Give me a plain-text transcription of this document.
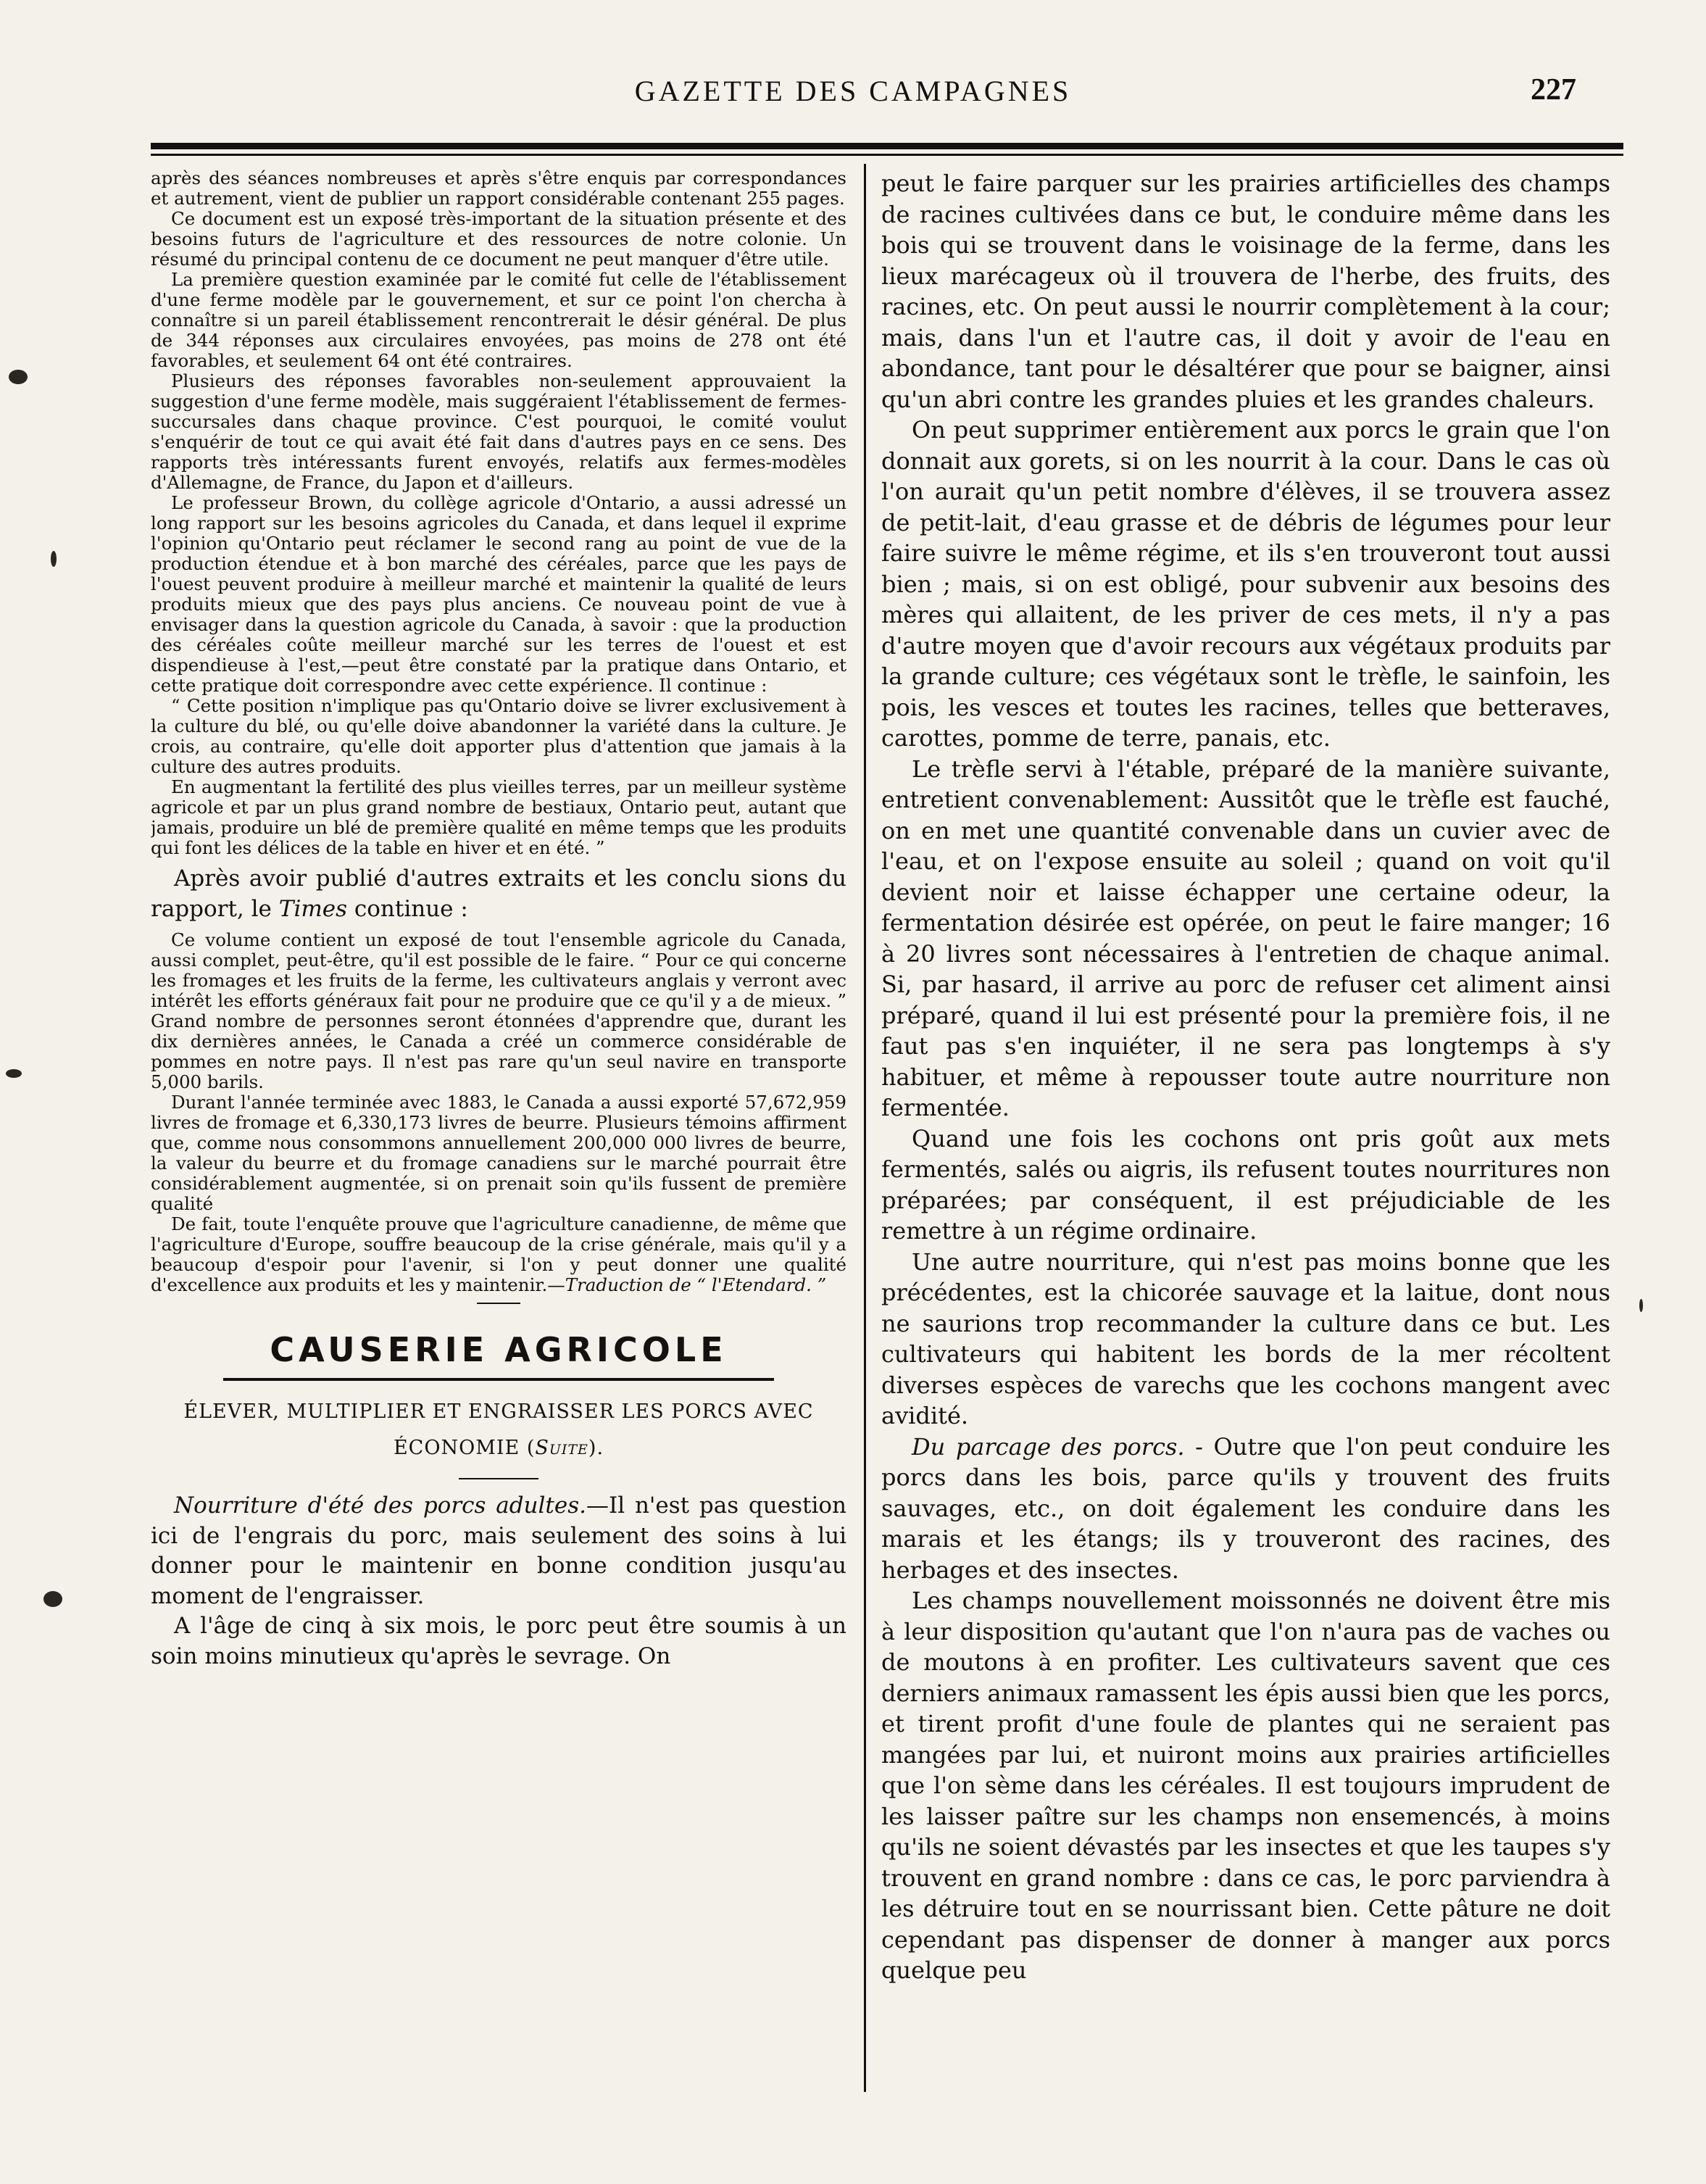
GAZETTE DES CAMPAGNES	227

après des séances nombreuses et après s'être enquis par correspondances et autrement, vient de publier un rapport considérable contenant 255 pages.

Ce document est un exposé très-important de la situation présente et des besoins futurs de l'agriculture et des ressources de notre colonie. Un résumé du principal contenu de ce document ne peut manquer d'être utile.

La première question examinée par le comité fut celle de l'établissement d'une ferme modèle par le gouvernement, et sur ce point l'on chercha à connaître si un pareil établissement rencontrerait le désir général. De plus de 344 réponses aux circulaires envoyées, pas moins de 278 ont été favorables, et seulement 64 ont été contraires.

Plusieurs des réponses favorables non-seulement approuvaient la suggestion d'une ferme modèle, mais suggéraient l'établissement de fermes-succursales dans chaque province. C'est pourquoi, le comité voulut s'enquérir de tout ce qui avait été fait dans d'autres pays en ce sens. Des rapports très intéressants furent envoyés, relatifs aux fermes-modèles d'Allemagne, de France, du Japon et d'ailleurs.

Le professeur Brown, du collège agricole d'Ontario, a aussi adressé un long rapport sur les besoins agricoles du Canada, et dans lequel il exprime l'opinion qu'Ontario peut réclamer le second rang au point de vue de la production étendue et à bon marché des céréales, parce que les pays de l'ouest peuvent produire à meilleur marché et maintenir la qualité de leurs produits mieux que des pays plus anciens. Ce nouveau point de vue à envisager dans la question agricole du Canada, à savoir : que la production des céréales coûte meilleur marché sur les terres de l'ouest et est dispendieuse à l'est,—peut être constaté par la pratique dans Ontario, et cette pratique doit correspondre avec cette expérience. Il continue :

“ Cette position n'implique pas qu'Ontario doive se livrer exclusivement à la culture du blé, ou qu'elle doive abandonner la variété dans la culture. Je crois, au contraire, qu'elle doit apporter plus d'attention que jamais à la culture des autres produits.

En augmentant la fertilité des plus vieilles terres, par un meilleur système agricole et par un plus grand nombre de bestiaux, Ontario peut, autant que jamais, produire un blé de première qualité en même temps que les produits qui font les délices de la table en hiver et en été. ”

Après avoir publié d'autres extraits et les conclu sions du rapport, le Times continue :

Ce volume contient un exposé de tout l'ensemble agricole du Canada, aussi complet, peut-être, qu'il est possible de le faire. “ Pour ce qui concerne les fromages et les fruits de la ferme, les cultivateurs anglais y verront avec intérêt les efforts généraux fait pour ne produire que ce qu'il y a de mieux. ” Grand nombre de personnes seront étonnées d'apprendre que, durant les dix dernières années, le Canada a créé un commerce considérable de pommes en notre pays. Il n'est pas rare qu'un seul navire en transporte 5,000 barils.

Durant l'année terminée avec 1883, le Canada a aussi exporté 57,672,959 livres de fromage et 6,330,173 livres de beurre. Plusieurs témoins affirment que, comme nous consommons annuellement 200,000 000 livres de beurre, la valeur du beurre et du fromage canadiens sur le marché pourrait être considérablement augmentée, si on prenait soin qu'ils fussent de première qualité

De fait, toute l'enquête prouve que l'agriculture canadienne, de même que l'agriculture d'Europe, souffre beaucoup de la crise générale, mais qu'il y a beaucoup d'espoir pour l'avenir, si l'on y peut donner une qualité d'excellence aux produits et les y maintenir.—Traduction de “ l'Etendard. ”

CAUSERIE AGRICOLE
ÉLEVER, MULTIPLIER ET ENGRAISSER LES PORCS AVEC
ÉCONOMIE (Suite).

Nourriture d'été des porcs adultes.—Il n'est pas question ici de l'engrais du porc, mais seulement des soins à lui donner pour le maintenir en bonne condition jusqu'au moment de l'engraisser.

A l'âge de cinq à six mois, le porc peut être soumis à un soin moins minutieux qu'après le sevrage. On

peut le faire parquer sur les prairies artificielles des champs de racines cultivées dans ce but, le conduire même dans les bois qui se trouvent dans le voisinage de la ferme, dans les lieux marécageux où il trouvera de l'herbe, des fruits, des racines, etc. On peut aussi le nourrir complètement à la cour; mais, dans l'un et l'autre cas, il doit y avoir de l'eau en abondance, tant pour le désaltérer que pour se baigner, ainsi qu'un abri contre les grandes pluies et les grandes chaleurs.

On peut supprimer entièrement aux porcs le grain que l'on donnait aux gorets, si on les nourrit à la cour. Dans le cas où l'on aurait qu'un petit nombre d'élèves, il se trouvera assez de petit-lait, d'eau grasse et de débris de légumes pour leur faire suivre le même régime, et ils s'en trouveront tout aussi bien ; mais, si on est obligé, pour subvenir aux besoins des mères qui allaitent, de les priver de ces mets, il n'y a pas d'autre moyen que d'avoir recours aux végétaux produits par la grande culture; ces végétaux sont le trèfle, le sainfoin, les pois, les vesces et toutes les racines, telles que betteraves, carottes, pomme de terre, panais, etc.

Le trèfle servi à l'étable, préparé de la manière suivante, entretient convenablement: Aussitôt que le trèfle est fauché, on en met une quantité convenable dans un cuvier avec de l'eau, et on l'expose ensuite au soleil ; quand on voit qu'il devient noir et laisse échapper une certaine odeur, la fermentation désirée est opérée, on peut le faire manger; 16 à 20 livres sont nécessaires à l'entretien de chaque animal. Si, par hasard, il arrive au porc de refuser cet aliment ainsi préparé, quand il lui est présenté pour la première fois, il ne faut pas s'en inquiéter, il ne sera pas longtemps à s'y habituer, et même à repousser toute autre nourriture non fermentée.

Quand une fois les cochons ont pris goût aux mets fermentés, salés ou aigris, ils refusent toutes nourritures non préparées; par conséquent, il est préjudiciable de les remettre à un régime ordinaire.

Une autre nourriture, qui n'est pas moins bonne que les précédentes, est la chicorée sauvage et la laitue, dont nous ne saurions trop recommander la culture dans ce but. Les cultivateurs qui habitent les bords de la mer récoltent diverses espèces de varechs que les cochons mangent avec avidité.

Du parcage des porcs. - Outre que l'on peut conduire les porcs dans les bois, parce qu'ils y trouvent des fruits sauvages, etc., on doit également les conduire dans les marais et les étangs; ils y trouveront des racines, des herbages et des insectes.

Les champs nouvellement moissonnés ne doivent être mis à leur disposition qu'autant que l'on n'aura pas de vaches ou de moutons à en profiter. Les cultivateurs savent que ces derniers animaux ramassent les épis aussi bien que les porcs, et tirent profit d'une foule de plantes qui ne seraient pas mangées par lui, et nuiront moins aux prairies artificielles que l'on sème dans les céréales. Il est toujours imprudent de les laisser paître sur les champs non ensemencés, à moins qu'ils ne soient dévastés par les insectes et que les taupes s'y trouvent en grand nombre : dans ce cas, le porc parviendra à les détruire tout en se nourrissant bien. Cette pâture ne doit cependant pas dispenser de donner à manger aux porcs quelque peu
